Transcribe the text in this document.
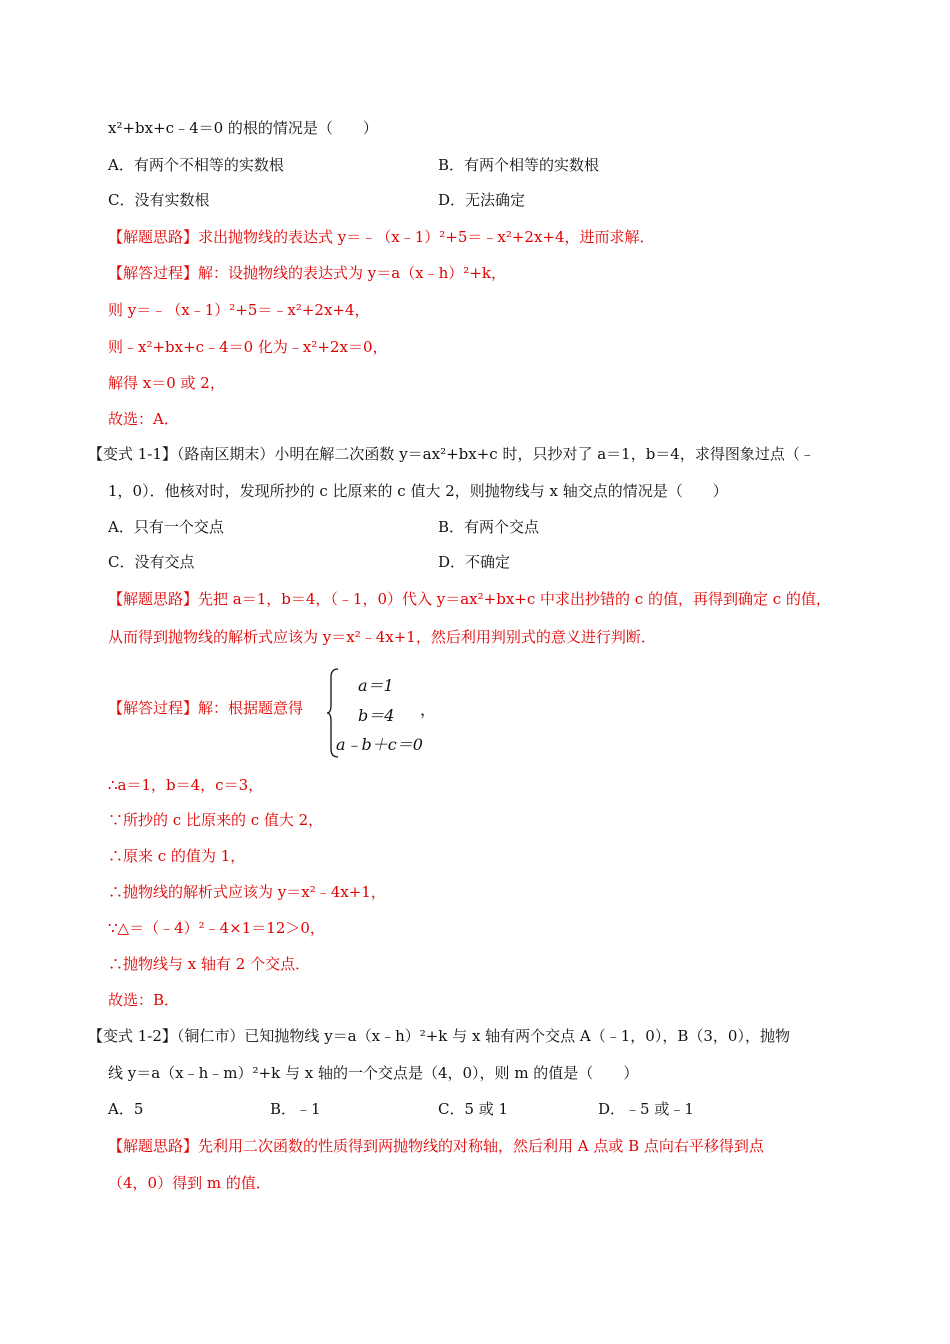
x²+bx+c﹣4＝0 的根的情况是（　　）
A．有两个不相等的实数根	B．有两个相等的实数根
C．没有实数根	D．无法确定
【解题思路】求出抛物线的表达式 y＝﹣（x﹣1）²+5＝﹣x²+2x+4，进而求解．
【解答过程】解：设抛物线的表达式为 y＝a（x﹣h）²+k，
则 y＝﹣（x﹣1）²+5＝﹣x²+2x+4，
则﹣x²+bx+c﹣4＝0 化为﹣x²+2x＝0，
解得 x＝0 或 2，
故选：A．
【变式 1-1】（路南区期末）小明在解二次函数 y＝ax²+bx+c 时，只抄对了 a＝1，b＝4，求得图象过点（﹣
1，0）．他核对时，发现所抄的 c 比原来的 c 值大 2，则抛物线与 x 轴交点的情况是（　　）
A．只有一个交点	B．有两个交点
C．没有交点	D．不确定
【解题思路】先把 a＝1，b＝4，（﹣1，0）代入 y＝ax²+bx+c 中求出抄错的 c 的值，再得到确定 c 的值，
从而得到抛物线的解析式应该为 y＝x²﹣4x+1，然后利用判别式的意义进行判断．
【解答过程】解：根据题意得
a＝1
b＝4
a﹣b＋c＝0
，
∴a＝1，b＝4，c＝3，
∵所抄的 c 比原来的 c 值大 2，
∴原来 c 的值为 1，
∴抛物线的解析式应该为 y＝x²﹣4x+1，
∵△＝（﹣4）²﹣4×1＝12＞0，
∴抛物线与 x 轴有 2 个交点．
故选：B．
【变式 1-2】（铜仁市）已知抛物线 y＝a（x﹣h）²+k 与 x 轴有两个交点 A（﹣1，0），B（3，0），抛物
线 y＝a（x﹣h﹣m）²+k 与 x 轴的一个交点是（4，0），则 m 的值是（　　）
A．5	B．﹣1	C．5 或 1	D．﹣5 或﹣1
【解题思路】先利用二次函数的性质得到两抛物线的对称轴，然后利用 A 点或 B 点向右平移得到点
（4，0）得到 m 的值．
